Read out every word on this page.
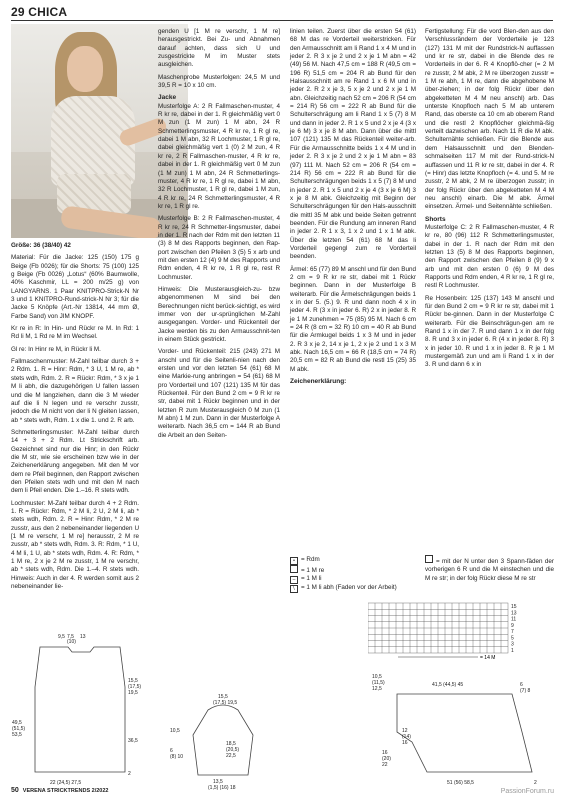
29 CHICA

Größe: 36 (38/40) 42

Material: Für die Jacke: 125 (150) 175 g Beige (Fb 0026); für die Shorts: 75 (100) 125 g Beige (Fb 0026) „Lotus“ (60% Baumwolle, 40% Kaschmir, LL = 200 m/25 g) von LANGYARNS. 1 Paar KNITPRO-Strick-N Nr 3 und 1 KNITPRO-Rund-strick-N Nr 3; für die Jacke 5 Knöpfe (Art.-Nr 13814, 44 mm Ø, Farbe Sand) von JIM KNOPF.

Kr re in R: In Hin- und Rückr re M. In Rd: 1 Rd li M, 1 Rd re M im Wechsel.

Gl re: In Hinr re M, in Rückr li M.

Fallmaschenmuster: M-Zahl teilbar durch 3 + 2 Rdm. 1. R = Hinr: Rdm, * 3 U, 1 M re, ab * stets wdh, Rdm. 2. R = Rückr: Rdm, * 3 x je 1 M li abh, die dazugehörigen U fallen lassen und die M langziehen, dann die 3 M wieder auf die li N legen und re verschr zusstr, jedoch die M nicht von der li N gleiten lassen, ab * stets wdh, Rdm. 1 x die 1. und 2. R arb.

Schmetterlingsmuster: M-Zahl teilbar durch 14 + 3 + 2 Rdm. Lt Strickschrift arb. Gezeichnet sind nur die Hinr; in den Rückr die M str, wie sie erscheinen bzw wie in der Zeichenerklärung angegeben. Mit den M vor dem re Pfeil beginnen, den Rapport zwischen den Pfeilen stets wdh und mit den M nach dem li Pfeil enden. Die 1.–16. R stets wdh.

Lochmuster: M-Zahl teilbar durch 4 + 2 Rdm. 1. R = Rückr: Rdm, * 2 M li, 2 U, 2 M li, ab * stets wdh, Rdm. 2. R = Hinr: Rdm, * 2 M re zusstr, aus den 2 nebeneinander liegenden U [1 M re verschr, 1 M re] herausstr, 2 M re zusstr, ab * stets wdh, Rdm. 3. R: Rdm, * 1 U, 4 M li, 1 U, ab * stets wdh, Rdm. 4. R: Rdm, * 1 M re, 2 x je 2 M re zusstr, 1 M re verschr, ab * stets wdh, Rdm. Die 1.–4. R stets wdh. Hinweis: Auch in der 4. R werden somit aus 2 nebeneinander lie-

genden U [1 M re verschr, 1 M re] herausgestrickt. Bei Zu- und Abnahmen darauf achten, dass sich U und zusgestrickte M im Muster stets ausgleichen.

Maschenprobe Musterfolgen: 24,5 M und 39,5 R = 10 x 10 cm.

Jacke

Musterfolge A: 2 R Fallmaschen-muster, 4 R kr re, dabei in der 1. R gleichmäßig vert 0 M zun (1 M zun) 1 M abn, 24 R Schmetterlingsmuster, 4 R kr re, 1 R gl re, dabei 1 M abn, 32 R Lochmuster, 1 R gl re, dabei gleichmäßig vert 1 (0) 2 M zun, 4 R kr re, 2 R Fallmaschen-muster, 4 R kr re, dabei in der 1. R gleichmäßig vert 0 M zun (1 M zun) 1 M abn, 24 R Schmetterlings-muster, 4 R kr re, 1 R gl re, dabei 1 M abn, 32 R Lochmuster, 1 R gl re, dabei 1 M zun, 4 R kr re, 24 R Schmetterlingsmuster, 4 R kr re, 1 R gl re.

Musterfolge B: 2 R Fallmaschen-muster, 4 R kr re, 24 R Schmetter-lingsmuster, dabei in der 1. R nach der Rdm mit den letzten 11 (3) 8 M des Rapports beginnen, den Rap-port zwischen den Pfeilen 3 (5) 5 x arb und mit den ersten 12 (4) 9 M des Rapports und Rdm enden, 4 R kr re, 1 R gl re, rest R Lochmuster.

Hinweis: Die Musterausgleich-zu- bzw abgenommenen M sind bei den Berechnungen nicht berück-sichtigt, es wird immer von der ur-sprünglichen M-Zahl ausgegangen. Vorder- und Rückenteil der Jacke werden bis zu den Armausschnit-ten in einem Stück gestrickt.

Vorder- und Rückenteil: 215 (243) 271 M anschl und für die Seitenli-nien nach den ersten und vor den letzten 54 (61) 68 M eine Markie-rung anbringen = 54 (61) 68 M pro Vorderteil und 107 (121) 135 M für das Rückenteil. Für den Bund 2 cm = 9 R kr re str, dabei mit 1 Rückr beginnen und in der letzten R zum Musterausgleich 0 M zun (1 M abn) 1 M zun. Dann in der Musterfolge A weiterarb. Nach 36,5 cm = 144 R ab Bund die Arbeit an den Seiten-

linien teilen. Zuerst über die ersten 54 (61) 68 M das re Vorderteil weiterstricken. Für den Armausschnitt am li Rand 1 x 4 M und in jeder 2. R 3 x je 2 und 2 x je 1 M abn = 42 (49) 56 M. Nach 47,5 cm = 188 R (49,5 cm = 196 R) 51,5 cm = 204 R ab Bund für den Halsausschnitt am re Rand 1 x 6 M und in jeder 2. R 2 x je 3, 5 x je 2 und 2 x je 1 M abn. Gleichzeitig nach 52 cm = 206 R (54 cm = 214 R) 56 cm = 222 R ab Bund für die Schulterschrägung am li Rand 1 x 5 (7) 8 M und dann in jeder 2. R 1 x 5 und 2 x je 4 (3 x je 6 M) 3 x je 8 M abn. Dann über die mittl 107 (121) 135 M das Rückenteil weiter-arb. Für die Armausschnitte beids 1 x 4 M und in jeder 2. R 3 x je 2 und 2 x je 1 M abn = 83 (97) 111 M. Nach 52 cm = 206 R (54 cm = 214 R) 56 cm = 222 R ab Bund für die Schulterschrägungen beids 1 x 5 (7) 8 M und in jeder 2. R 1 x 5 und 2 x je 4 (3 x je 6 M) 3 x je 8 M abk. Gleichzeitig mit Beginn der Schulterschrägungen für den Hals-ausschnitt die mittl 35 M abk und beide Seiten getrennt beenden. Für die Rundung am inneren Rand in jeder 2. R 1 x 3, 1 x 2 und 1 x 1 M abk. Über die letzten 54 (61) 68 M das li Vorderteil gegengl zum re Vorderteil beenden.

Ärmel: 65 (77) 89 M anschl und für den Bund 2 cm = 9 R kr re str, dabei mit 1 Rückr beginnen. Dann in der Musterfolge B weiterarb. Für die Ärmelschrägungen beids 1 x in der 5. (5.) 9. R und dann noch 4 x in jeder 4. R (3 x in jeder 6. R) 2 x in jeder 8. R je 1 M zunehmen = 75 (85) 95 M. Nach 6 cm = 24 R (8 cm = 32 R) 10 cm = 40 R ab Bund für die Armkugel beids 1 x 3 M und in jeder 2. R 3 x je 2, 14 x je 1, 2 x je 2 und 1 x 3 M abk. Nach 16,5 cm = 66 R (18,5 cm = 74 R) 20,5 cm = 82 R ab Bund die restl 15 (25) 35 M abk.

Zeichenerklärung:
• = Rdm
= 1 M re
– = 1 M li
\ = 1 M li abh (Faden vor der Arbeit)

Fertigstellung: Für die vord Blen-den aus den Verschlussrändern der Vorderteile je 123 (127) 131 M mit der Rundstrick-N auffassen und kr re str, dabei in die Blende des re Vorderteils in der 6. R 4 Knopflö-cher (= 2 M re zusstr, 2 M abk, 2 M re überzogen zusstr = 1 M re abh, 1 M re, dann die abgehobene M über-ziehen; in der folg Rückr über den abgeketteten M 4 M neu anschl) arb. Das unterste Knopfloch nach 5 M ab unterem Rand, das oberste ca 10 cm ab oberem Rand und die restl 2 Knopflöcher gleichmä-ßig verteilt dazwischen arb. Nach 11 R die M abk. Schulternähte schließen. Für die Blende aus dem Halsausschnitt und den Blenden-schmalseiten 117 M mit der Rund-strick-N auffassen und 11 R kr re str, dabei in der 4. R (= Hinr) das letzte Knopfloch (= 4. und 5. M re zusstr, 2 M abk, 2 M re überzogen zusstr; in der folg Rückr über den abgeketteten M 4 M neu anschl) einarb. Die M abk. Ärmel einsetzen. Ärmel- und Seitennähte schließen.

Shorts

Musterfolge C: 2 R Fallmaschen-muster, 4 R kr re, 80 (96) 112 R Schmetterlingsmuster, dabei in der 1. R nach der Rdm mit den letzten 13 (5) 8 M des Rapports beginnen, den Rapport zwischen den Pfeilen 8 (9) 9 x arb und mit den ersten 0 (6) 9 M des Rapports und Rdm enden, 4 R kr re, 1 R gl re, restl R Lochmuster.

Re Hosenbein: 125 (137) 143 M anschl und für den Bund 2 cm = 9 R kr re str, dabei mit 1 Rückr be-ginnen. Dann in der Musterfolge C weiterarb. Für die Beinschrägun-gen am re Rand 1 x in der 7. R und dann 1 x in der folg 8. R und 3 x in jeder 6. R (4 x in jeder 8. R) 3 x in jeder 10. R und 1 x in jeder 8. R je 1 M mustergemäß zun und am li Rand 1 x in der 3. R und dann 6 x in

= mit der N unter den 3 Spann-fäden der vorherigen 6 R und die M einstechen und die M re str; in der folg Rückr diese M re str
15
13
11
9
7
5
3
1
= 14 M
9,5 7,5
(10)
13
15,5
(17,5)
19,5
36,5
49,5
(51,5)
53,5
22 (24,5) 27,5
2
15,5
(17,5) 19,5
10,5
6
(8) 10
18,5
(20,5)
22,5
13,5
(1,5) (16) 18
10,5
(11,5)
12,5
41,5 (44,5) 45	6
(7) 8
16
(20)
22
12
(14)
16
51 (56) 58,5	2
50 VERENA STRICKTRENDS 2/2022	PassionForum.ru
